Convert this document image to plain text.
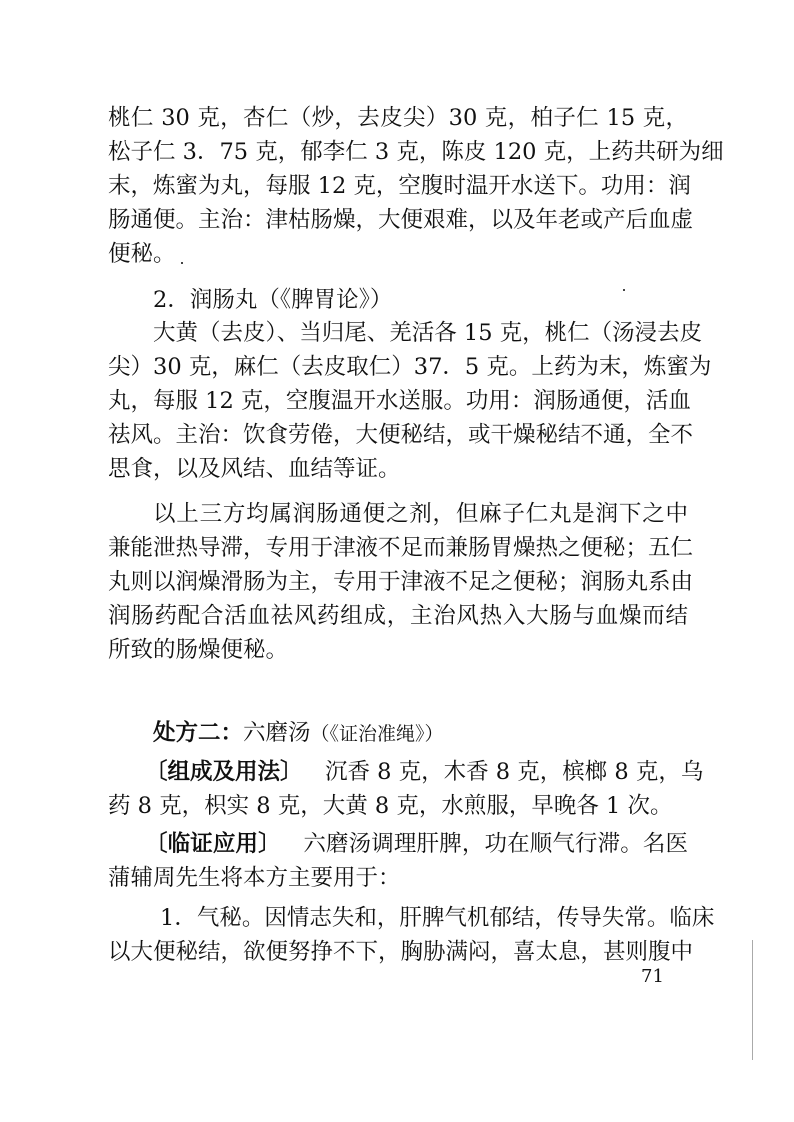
桃仁 30 克，杏仁（炒，去皮尖）30 克，柏子仁 15 克，
松子仁 3．75 克，郁李仁 3 克，陈皮 120 克，上药共研为细
末，炼蜜为丸，每服 12 克，空腹时温开水送下。功用：润
肠通便。主治：津枯肠燥，大便艰难，以及年老或产后血虚
便秘。
2．润肠丸（《脾胃论》）
大黄（去皮）、当归尾、羌活各 15 克，桃仁（汤浸去皮
尖）30 克，麻仁（去皮取仁）37．5 克。上药为末，炼蜜为
丸，每服 12 克，空腹温开水送服。功用：润肠通便，活血
祛风。主治：饮食劳倦，大便秘结，或干燥秘结不通，全不
思食，以及风结、血结等证。
以上三方均属润肠通便之剂，但麻子仁丸是润下之中
兼能泄热导滞，专用于津液不足而兼肠胃燥热之便秘；五仁
丸则以润燥滑肠为主，专用于津液不足之便秘；润肠丸系由
润肠药配合活血祛风药组成，主治风热入大肠与血燥而结
所致的肠燥便秘。
处方二：六磨汤（《证治准绳》）
〔组成及用法〕  沉香 8 克，木香 8 克，槟榔 8 克，乌
药 8 克，枳实 8 克，大黄 8 克，水煎服，早晚各 1 次。
〔临证应用〕  六磨汤调理肝脾，功在顺气行滞。名医
蒲辅周先生将本方主要用于：
1．气秘。因情志失和，肝脾气机郁结，传导失常。临床
以大便秘结，欲便努挣不下，胸胁满闷，喜太息，甚则腹中
71
